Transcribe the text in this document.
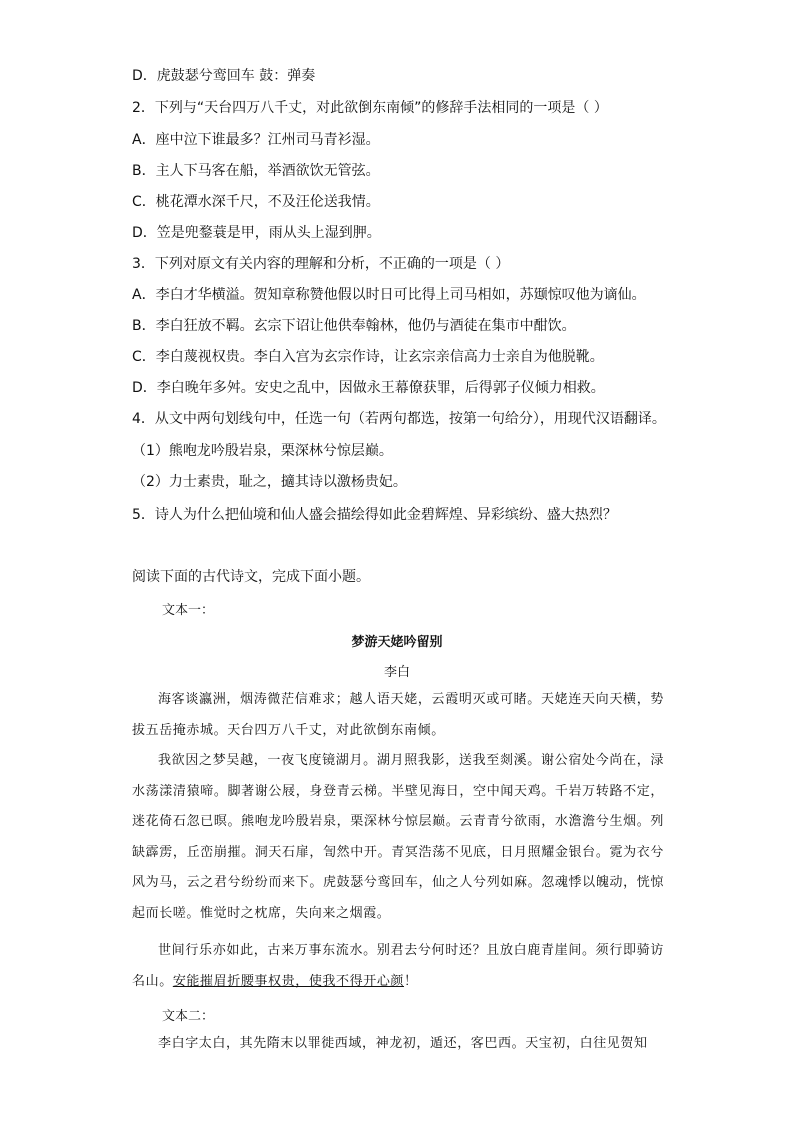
D．虎鼓瑟兮鸾回车 鼓：弹奏
2．下列与“天台四万八千丈，对此欲倒东南倾”的修辞手法相同的一项是（ ）
A．座中泣下谁最多？江州司马青衫湿。
B．主人下马客在船，举酒欲饮无管弦。
C．桃花潭水深千尺，不及汪伦送我情。
D．笠是兜鍪蓑是甲，雨从头上湿到胛。
3．下列对原文有关内容的理解和分析，不正确的一项是（ ）
A．李白才华横溢。贺知章称赞他假以时日可比得上司马相如，苏颋惊叹他为谪仙。
B．李白狂放不羁。玄宗下诏让他供奉翰林，他仍与酒徒在集市中酣饮。
C．李白蔑视权贵。李白入宫为玄宗作诗，让玄宗亲信高力士亲自为他脱靴。
D．李白晚年多舛。安史之乱中，因做永王幕僚获罪，后得郭子仪倾力相救。
4．从文中两句划线句中，任选一句（若两句都选，按第一句给分），用现代汉语翻译。
（1）熊咆龙吟殷岩泉，栗深林兮惊层巅。
（2）力士素贵，耻之，擿其诗以激杨贵妃。
5．诗人为什么把仙境和仙人盛会描绘得如此金碧辉煌、异彩缤纷、盛大热烈？
阅读下面的古代诗文，完成下面小题。
文本一：
梦游天姥吟留别
李白
海客谈瀛洲，烟涛微茫信难求；越人语天姥，云霞明灭或可睹。天姥连天向天横，势拔五岳掩赤城。天台四万八千丈，对此欲倒东南倾。
我欲因之梦吴越，一夜飞度镜湖月。湖月照我影，送我至剡溪。谢公宿处今尚在，渌水荡漾清猿啼。脚著谢公屐，身登青云梯。半壁见海日，空中闻天鸡。千岩万转路不定，迷花倚石忽已暝。熊咆龙吟殷岩泉，栗深林兮惊层巅。云青青兮欲雨，水澹澹兮生烟。列缺霹雳，丘峦崩摧。洞天石扉，訇然中开。青冥浩荡不见底，日月照耀金银台。霓为衣兮风为马，云之君兮纷纷而来下。虎鼓瑟兮鸾回车，仙之人兮列如麻。忽魂悸以魄动，恍惊起而长嗟。惟觉时之枕席，失向来之烟霞。
世间行乐亦如此，古来万事东流水。别君去兮何时还？且放白鹿青崖间。须行即骑访名山。安能摧眉折腰事权贵，使我不得开心颜！
文本二：
李白字太白，其先隋末以罪徙西域，神龙初，遁还，客巴西。天宝初，白往见贺知
